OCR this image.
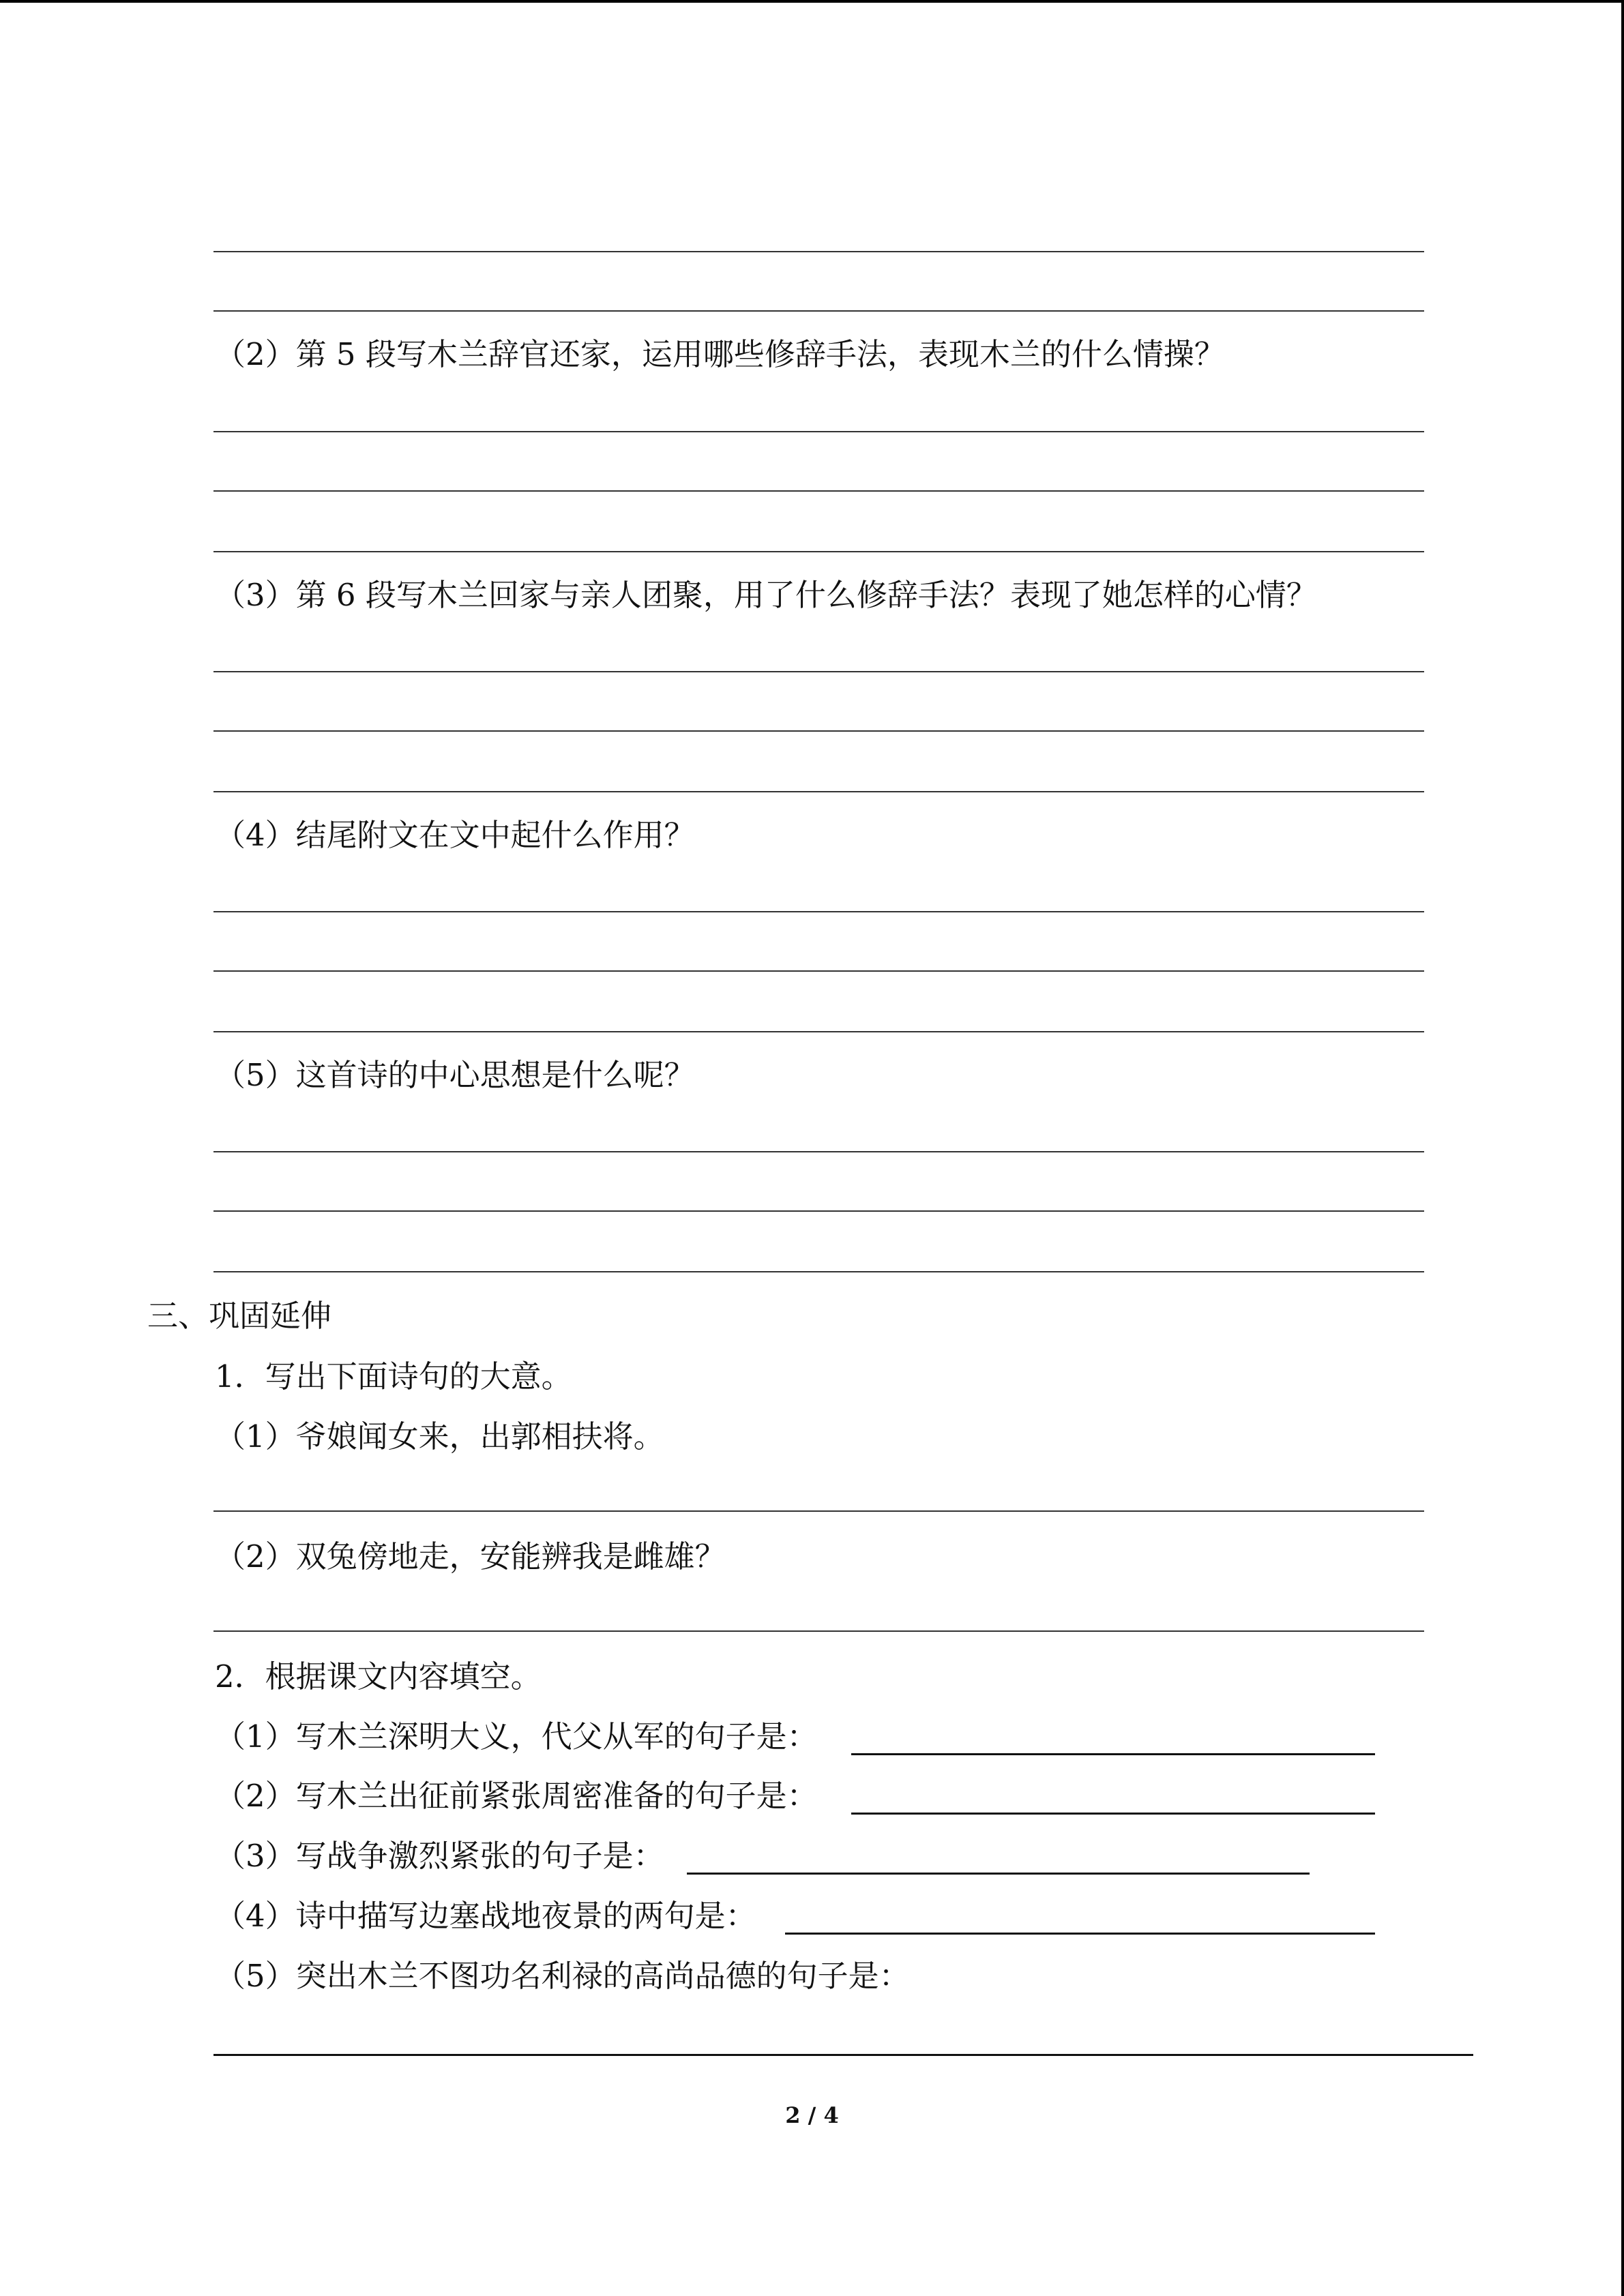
（2）第 5 段写木兰辞官还家，运用哪些修辞手法，表现木兰的什么情操？
（3）第 6 段写木兰回家与亲人团聚，用了什么修辞手法？表现了她怎样的心情？
（4）结尾附文在文中起什么作用？
（5）这首诗的中心思想是什么呢？
三、巩固延伸
1．写出下面诗句的大意。
（1）爷娘闻女来，出郭相扶将。
（2）双兔傍地走，安能辨我是雌雄？
2．根据课文内容填空。
（1）写木兰深明大义，代父从军的句子是：
（2）写木兰出征前紧张周密准备的句子是：
（3）写战争激烈紧张的句子是：
（4）诗中描写边塞战地夜景的两句是：
（5）突出木兰不图功名利禄的高尚品德的句子是：
2 / 4
